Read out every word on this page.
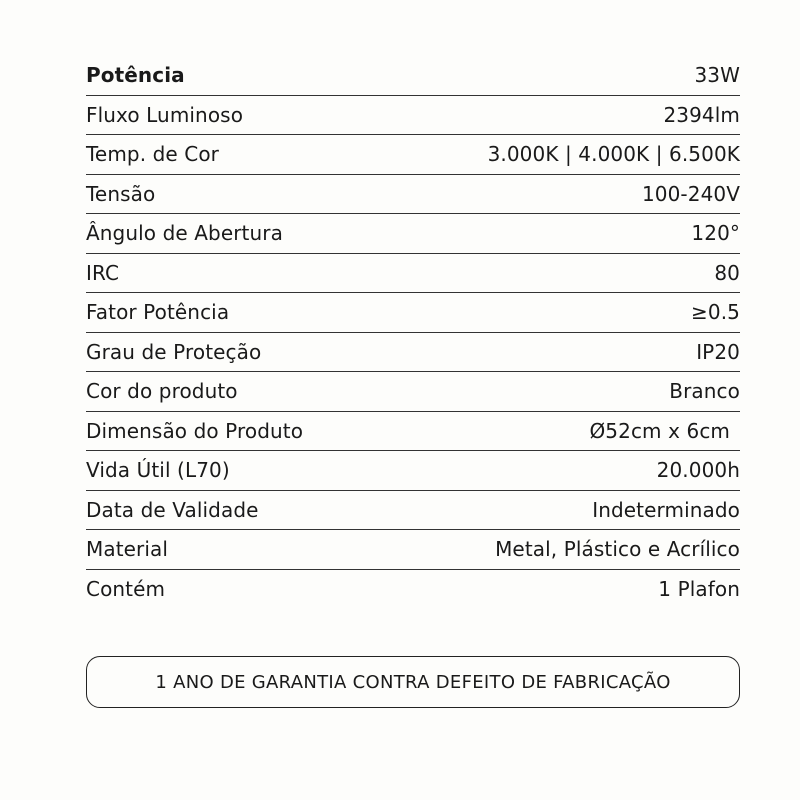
Potência	33W
Fluxo Luminoso	2394lm
Temp. de Cor	3.000K | 4.000K | 6.500K
Tensão	100-240V
Ângulo de Abertura	120°
IRC	80
Fator Potência	≥0.5
Grau de Proteção	IP20
Cor do produto	Branco
Dimensão do Produto	Ø52cm x 6cm
Vida Útil (L70)	20.000h
Data de Validade	Indeterminado
Material	Metal, Plástico e Acrílico
Contém	1 Plafon
1 ANO DE GARANTIA CONTRA DEFEITO DE FABRICAÇÃO
